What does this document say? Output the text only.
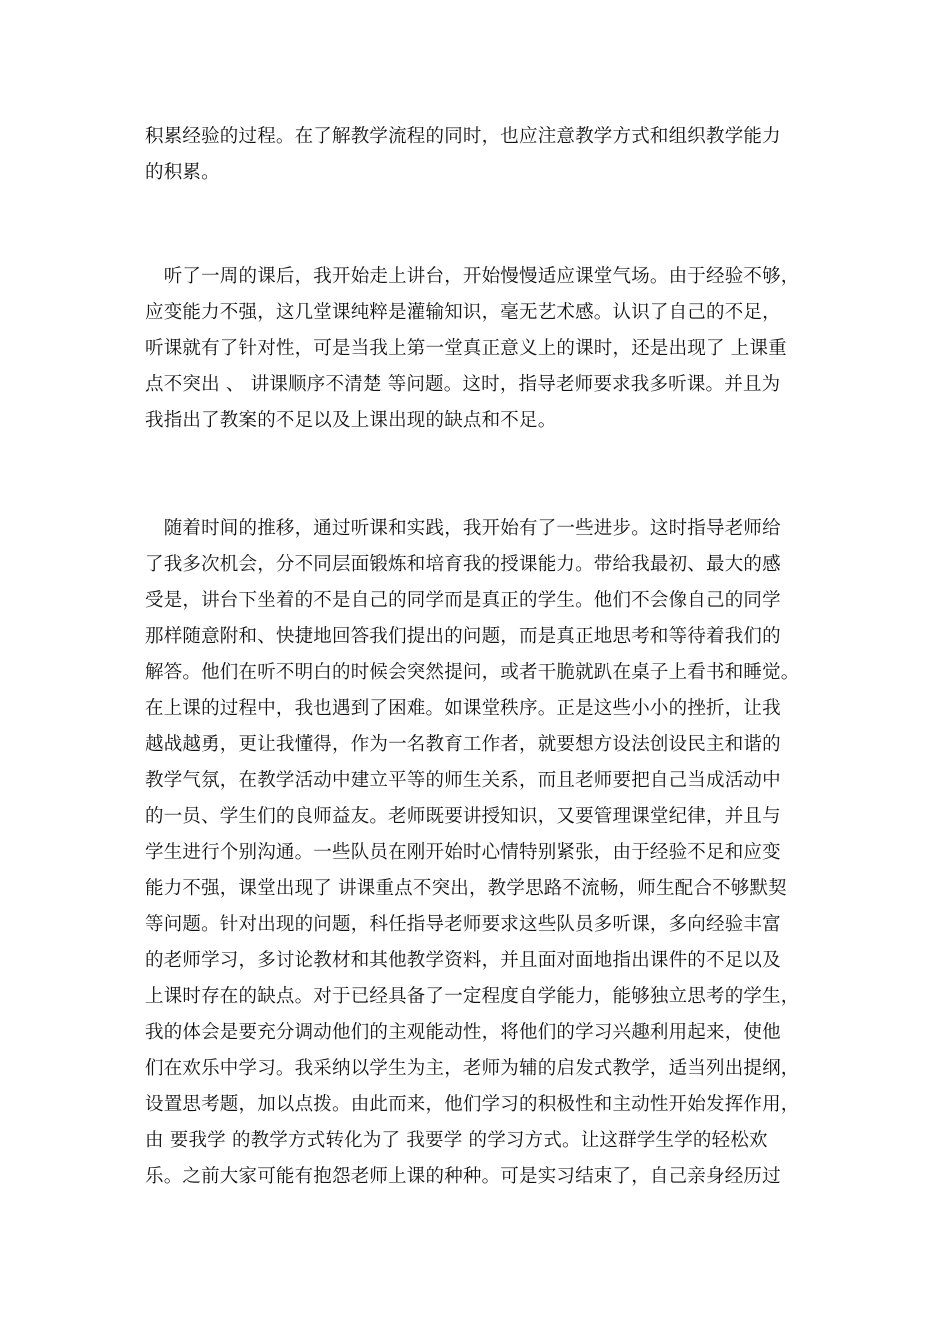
积累经验的过程。在了解教学流程的同时，也应注意教学方式和组织教学能力
的积累。

　听了一周的课后，我开始走上讲台，开始慢慢适应课堂气场。由于经验不够，
应变能力不强，这几堂课纯粹是灌输知识，毫无艺术感。认识了自己的不足，
听课就有了针对性，可是当我上第一堂真正意义上的课时，还是出现了 上课重
点不突出 、 讲课顺序不清楚 等问题。这时，指导老师要求我多听课。并且为
我指出了教案的不足以及上课出现的缺点和不足。

　随着时间的推移，通过听课和实践，我开始有了一些进步。这时指导老师给
了我多次机会，分不同层面锻炼和培育我的授课能力。带给我最初、最大的感
受是，讲台下坐着的不是自己的同学而是真正的学生。他们不会像自己的同学
那样随意附和、快捷地回答我们提出的问题，而是真正地思考和等待着我们的
解答。他们在听不明白的时候会突然提问，或者干脆就趴在桌子上看书和睡觉。
在上课的过程中，我也遇到了困难。如课堂秩序。正是这些小小的挫折，让我
越战越勇，更让我懂得，作为一名教育工作者，就要想方设法创设民主和谐的
教学气氛，在教学活动中建立平等的师生关系，而且老师要把自己当成活动中
的一员、学生们的良师益友。老师既要讲授知识，又要管理课堂纪律，并且与
学生进行个别沟通。一些队员在刚开始时心情特别紧张，由于经验不足和应变
能力不强，课堂出现了 讲课重点不突出，教学思路不流畅，师生配合不够默契
等问题。针对出现的问题，科任指导老师要求这些队员多听课，多向经验丰富
的老师学习，多讨论教材和其他教学资料，并且面对面地指出课件的不足以及
上课时存在的缺点。对于已经具备了一定程度自学能力，能够独立思考的学生，
我的体会是要充分调动他们的主观能动性，将他们的学习兴趣利用起来，使他
们在欢乐中学习。我采纳以学生为主，老师为辅的启发式教学，适当列出提纲，
设置思考题，加以点拨。由此而来，他们学习的积极性和主动性开始发挥作用，
由 要我学 的教学方式转化为了 我要学 的学习方式。让这群学生学的轻松欢
乐。之前大家可能有抱怨老师上课的种种。可是实习结束了，自己亲身经历过
